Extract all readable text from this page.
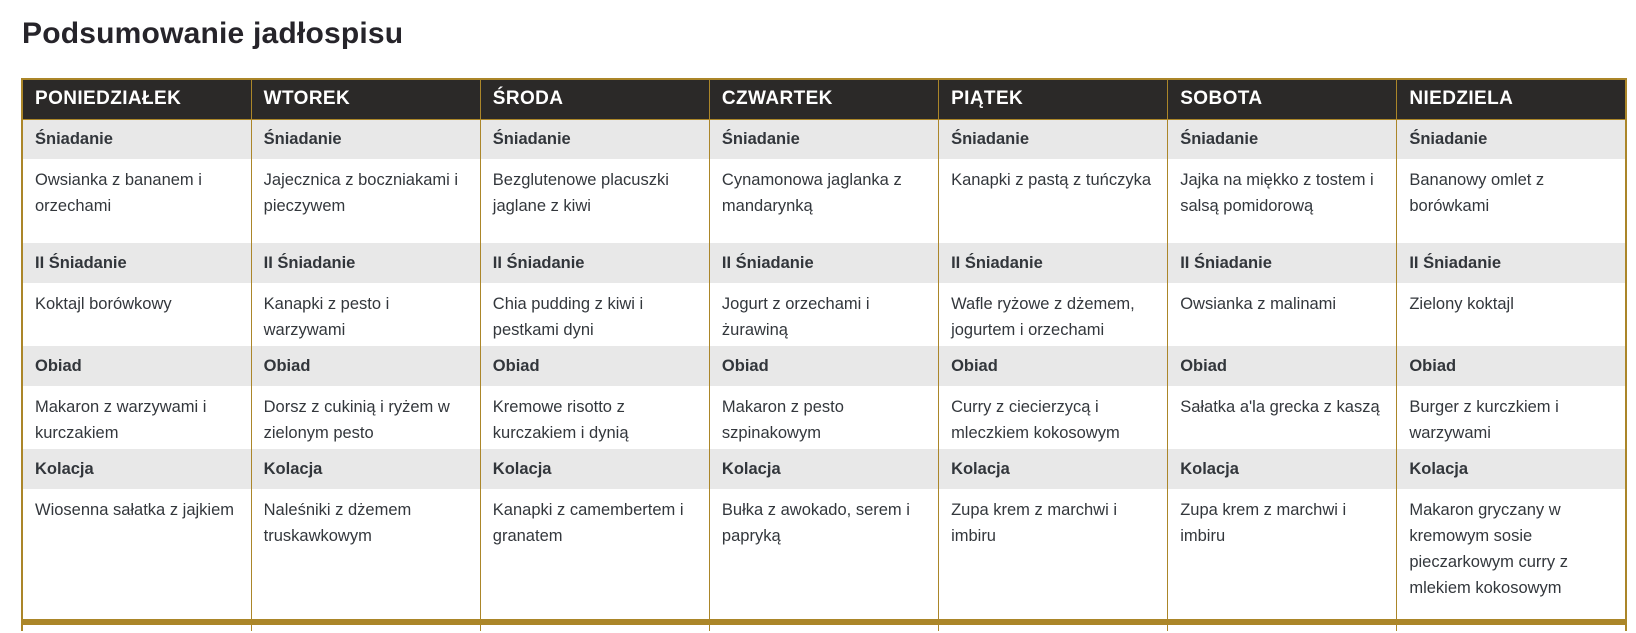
Podsumowanie jadłospisu
PONIEDZIAŁEK	WTOREK	ŚRODA	CZWARTEK	PIĄTEK	SOBOTA	NIEDZIELA
Śniadanie	Śniadanie	Śniadanie	Śniadanie	Śniadanie	Śniadanie	Śniadanie
Owsianka z bananem i orzechami	Jajecznica z boczniakami i pieczywem	Bezglutenowe placuszki jaglane z kiwi	Cynamonowa jaglanka z mandarynką	Kanapki z pastą z tuńczyka	Jajka na miękko z tostem i salsą pomidorową	Bananowy omlet z borówkami
II Śniadanie	II Śniadanie	II Śniadanie	II Śniadanie	II Śniadanie	II Śniadanie	II Śniadanie
Koktajl borówkowy	Kanapki z pesto i warzywami	Chia pudding z kiwi i pestkami dyni	Jogurt z orzechami i żurawiną	Wafle ryżowe z dżemem, jogurtem i orzechami	Owsianka z malinami	Zielony koktajl
Obiad	Obiad	Obiad	Obiad	Obiad	Obiad	Obiad
Makaron z warzywami i kurczakiem	Dorsz z cukinią i ryżem w zielonym pesto	Kremowe risotto z kurczakiem i dynią	Makaron z pesto szpinakowym	Curry z ciecierzycą i mleczkiem kokosowym	Sałatka a'la grecka z kaszą	Burger z kurczkiem i warzywami
Kolacja	Kolacja	Kolacja	Kolacja	Kolacja	Kolacja	Kolacja
Wiosenna sałatka z jajkiem	Naleśniki z dżemem truskawkowym	Kanapki z camembertem i granatem	Bułka z awokado, serem i papryką	Zupa krem z marchwi i imbiru	Zupa krem z marchwi i imbiru	Makaron gryczany w kremowym sosie pieczarkowym curry z mlekiem kokosowym
